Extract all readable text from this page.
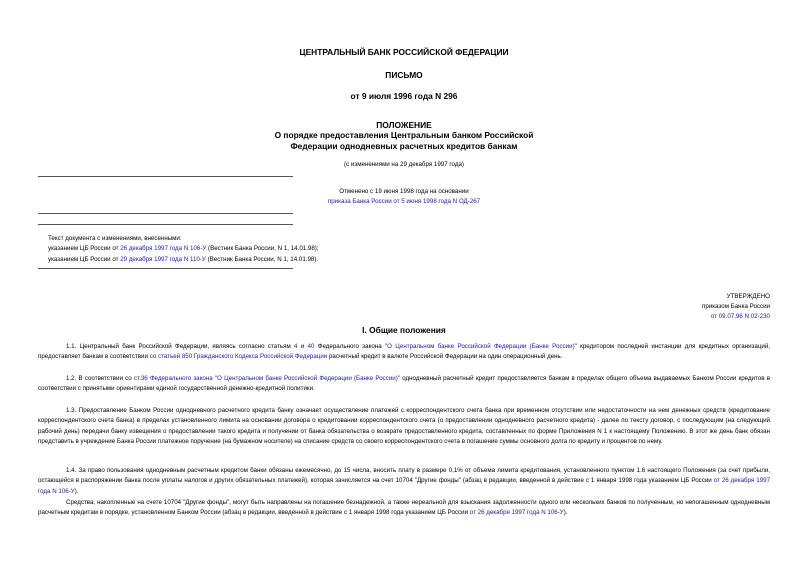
ЦЕНТРАЛЬНЫЙ БАНК РОССИЙСКОЙ ФЕДЕРАЦИИ
ПИСЬМО
от 9 июля 1996 года N 296
ПОЛОЖЕНИЕ
О порядке предоставления Центральным банком Российской
Федерации однодневных расчетных кредитов банкам
(с изменениями на 29 декабря 1997 года)
Отменено с 19 июня 1998 года на основании
приказа Банка России от 5 июня 1998 года N ОД-267
Текст документа с изменениями, внесенными:
указанием ЦБ России от 26 декабря 1997 года N 106-У (Вестник Банка России, N 1, 14.01.98);
указанием ЦБ России от 29 декабря 1997 года N 110-У (Вестник Банка России, N 1, 14.01.98).
УТВЕРЖДЕНО
приказом Банка России
от 09.07.96 N 02-230
I. Общие положения
1.1. Центральный банк Российской Федерации, являясь согласно статьям 4 и 40 Федерального закона "О Центральном банке Российской Федерации (Банке России)" кредитором последней инстанции для кредитных организаций, предоставляет банкам в соответствии со статьей 850 Гражданского Кодекса Российской Федерации расчетный кредит в валюте Российской Федерации на один операционный день.
1.2. В соответствии со ст.36 Федерального закона "О Центральном банке Российской Федерации (Банке России)" однодневный расчетный кредит предоставляется банкам в пределах общего объема выдаваемых Банком России кредитов в соответствии с принятыми ориентирами единой государственной денежно-кредитной политики.
1.3. Предоставление Банком России однодневного расчетного кредита банку означает осуществление платежей с корреспондентского счета банка при временном отсутствии или недостаточности на нем денежных средств (кредитование корреспондентского счета банка) в пределах установленного лимита на основании договора о кредитовании корреспондентского счета (о предоставлении однодневного расчетного кредита) - далее по тексту договор, с последующим (на следующий рабочий день) передачи банку извещения о предоставлении такого кредита и получении от банка обязательства о возврате предоставленного кредита, составленных по форме Приложения N 1 к настоящему Положению. В этот же день банк обязан представить в учреждение Банка России платежное поручение (на бумажном носителе) на списание средств со своего корреспондентского счета в погашение суммы основного долга по кредиту и процентов по нему.
1.4. За право пользования однодневным расчетным кредитом банки обязаны ежемесячно, до 15 числа, вносить плату в размере 0,1% от объема лимита кредитования, установленного пунктом 1.6 настоящего Положения (за счет прибыли, остающейся в распоряжении банка после уплаты налогов и других обязательных платежей), которая зачисляется на счет 10704 "Другие фонды" (абзац в редакции, введенной в действие с 1 января 1998 года указанием ЦБ России от 26 декабря 1997 года N 106-У).
Средства, накопленные на счете 10704 "Другие фонды", могут быть направлены на погашение безнадежной, а также нереальной для взыскания задолженности одного или нескольких банков по полученным, но непогашенным однодневным расчетным кредитам в порядке, установленном Банком России (абзац в редакции, введенной в действие с 1 января 1998 года указанием ЦБ России от 26 декабря 1997 года N 106-У).
